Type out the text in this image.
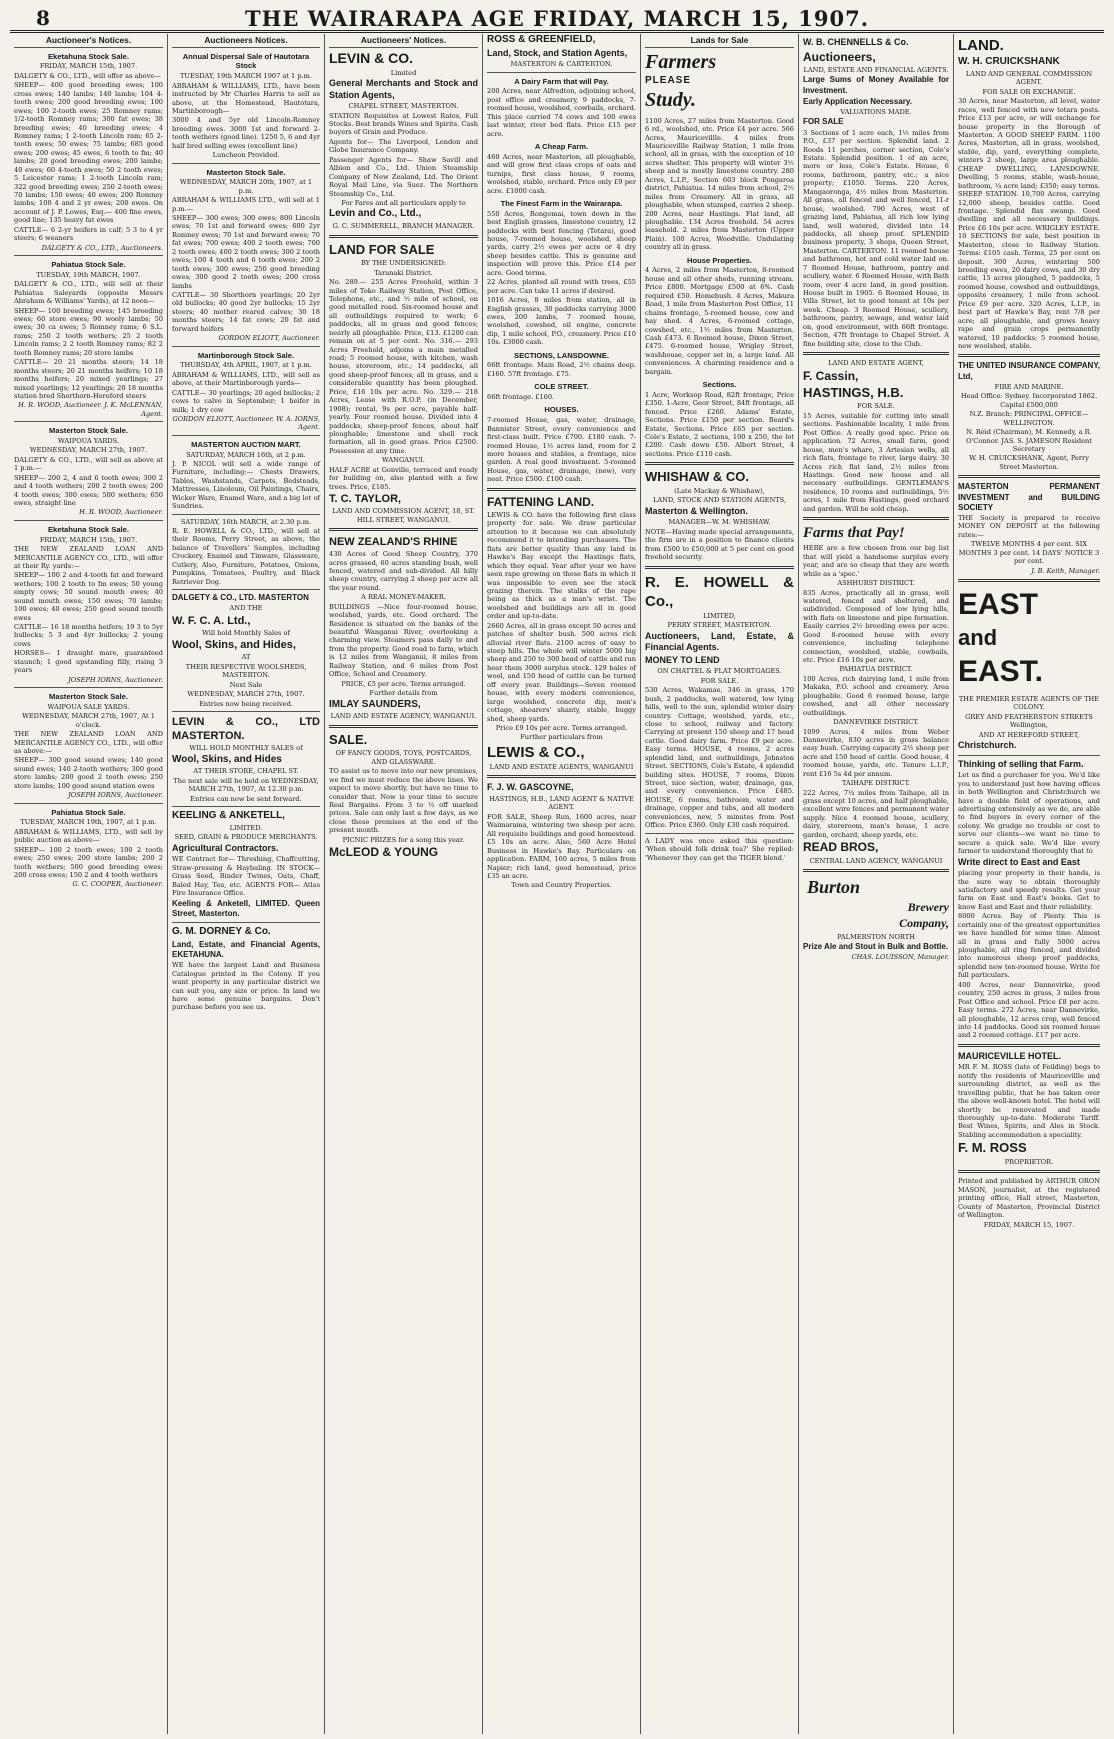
8	THE WAIRARAPA AGE FRIDAY, MARCH 15, 1907.
Auctioneer's Notices.
Eketahuna Stock Sale.

FRIDAY, MARCH 15th, 1907.

DALGETY & CO., LTD., will offer as above—

SHEEP— 400 good breeding ewes; 100 cross ewes; 140 lambs; 140 lambs; 104 4-tooth ewes; 200 good breeding ewes; 100 ewes; 100 2-tooth ewes; 25 Romney rams; 1/2-tooth Romney rams; 300 fat ewes; 38 breeding ewes; 40 breeding ewes; 4 Romney rams; 1 2-tooth Lincoln ram; 65 2-tooth ewes; 50 ewes; 75 lambs; 685 good ewes; 200 ewes; 45 ewes, 6 tooth to fm; 40 lambs; 20 good breeding ewes; 200 lambs; 40 ewes; 60 4-tooth ewes; 50 2 tooth ewes; 5 Leicester rams; 1 2-tooth Lincoln ram; 322 good breeding ewes; 250 2-tooth ewes; 70 lambs; 150 ewes; 40 ewes; 200 Romney lambs; 100 4 and 2 yr ewes; 200 ewes. On account of J. P. Lowes, Esq.— 400 fine ewes, good line; 135 heavy fat ewes

CATTLE— 6 2-yr heifers in calf; 5 3 to 4 yr steers; 6 weaners

DALGETY & CO., LTD., Auctioneers.

Pahiatua Stock Sale.

TUESDAY, 19th MARCH, 1907.

DALGETY & CO., LTD., will sell at their Pahiatua Saleyards (opposite Messrs Abraham & Williams' Yards), at 12 noon—

SHEEP— 100 breeding ewes; 145 breeding ewes; 60 store ewes; 90 wooly lambs; 50 ewes; 30 ca ewes; 5 Romney rams; 6 S.L. rams; 250 2 tooth wethers; 25 2 tooth Lincoln rams; 2 2 tooth Romney rams; 82 2 tooth Romney rams; 20 store lambs

CATTLE— 20 21 months steers; 14 18 months steers; 20 21 months heifers; 10 18 months heifers; 20 mixed yearlings; 27 mixed yearlings; 12 yearlings; 20 18 months station bred Shorthorn-Hereford steers

H. R. WOOD, Auctioneer. J. K. McLENNAN, Agent.

Masterton Stock Sale.

WAIPOUA YARDS.

WEDNESDAY, MARCH 27th, 1907.

DALGETY & CO., LTD., will sell as above at 1 p.m.—

SHEEP— 200 2, 4 and 6 tooth ewes; 300 2 and 4 tooth wethers; 200 2 tooth ewes; 200 4 tooth ewes; 300 ewes; 500 wethers; 650 ewes, straight line

H. R. WOOD, Auctioneer.

Eketahuna Stock Sale.

FRIDAY, MARCH 15th, 1907.

THE NEW ZEALAND LOAN AND MERCANTILE AGENCY CO., LTD., will offer at their Ry. yards:—

SHEEP— 100 2 and 4-tooth fat and forward wethers; 100 2 tooth to fm ewes; 50 young empty cows; 50 sound mouth ewes; 40 sound mouth ewes; 150 ewes; 70 lambs; 100 ewes; 40 ewes; 250 good sound mouth ewes

CATTLE— 16 18 months heifers; 19 3 to 5yr bullocks; 5 3 and 4yr bullocks; 2 young cows

HORSES— 1 draught mare, guaranteed staunch; 1 good upstanding filly, rising 3 years

JOSEPH IORNS, Auctioneer.

Masterton Stock Sale.

WAIPOUA SALE YARDS.

WEDNESDAY, MARCH 27th, 1907, At 1 o'clock.

THE NEW ZEALAND LOAN AND MERCANTILE AGENCY CO., LTD., will offer as above:—

SHEEP— 300 good sound ewes; 140 good sound ewes; 140 2-tooth wethers; 300 good store lambs; 200 good 2 tooth ewes; 250 store lambs; 100 good sound station ewes

JOSEPH IORNS, Auctioneer.

Pahiatua Stock Sale.

TUESDAY, MARCH 19th, 1907, at 1 p.m.

ABRAHAM & WILLIAMS, LTD., will sell by public auction as above—

SHEEP— 100 2 tooth ewes; 100 2 tooth ewes; 250 ewes; 200 store lambs; 200 2 tooth wethers; 500 good breeding ewes; 200 cross ewes; 150 2 and 4 tooth wethers

G. C. COOPER, Auctioneer.

Auctioneers Notices.
Annual Dispersal Sale of Hautotara Stock

TUESDAY, 19th MARCH 1907 at 1 p.m.

ABRAHAM & WILLIAMS, LTD., have been instructed by Mr Charles Harris to sell as above, at the Homestead, Hautotara, Martinborough—

3000 4 and 5yr old Lincoln-Romney breeding ewes. 3000 1st and forward 2-tooth wethers (good line). 1250 5, 6 and 4yr half bred selling ewes (excellent line)

Luncheon Provided.

Masterton Stock Sale.

WEDNESDAY, MARCH 20th, 1907, at 1 p.m.

ABRAHAM & WILLIAMS LTD., will sell at 1 p.m.—

SHEEP— 300 ewes; 300 ewes; 800 Lincoln ewes; 70 1st and forward ewes; 600 2yr Romney ewes; 70 1st and forward ewes; 70 fat ewes; 700 ewes; 400 2 tooth ewes; 700 2 tooth ewes; 400 2 tooth ewes; 300 2 tooth ewes; 100 4 tooth and 6 tooth ewes; 200 2 tooth ewes; 300 ewes; 250 good breeding ewes; 300 good 2 tooth ewes; 200 cross lambs

CATTLE— 30 Shorthorn yearlings; 20 2yr old bullocks; 40 good 2yr bullocks; 15 2yr steers; 40 mother reared calves; 30 18 months steers; 14 fat cows; 20 fat and forward heifers

GORDON ELIOTT, Auctioneer.

Martinborough Stock Sale.

THURSDAY, 4th APRIL, 1907, at 1 p.m.

ABRAHAM & WILLIAMS, LTD., will sell as above, at their Martinborough yards—

CATTLE— 30 yearlings; 20 aged bullocks; 2 cows to calve in September; 1 heifer in milk; 1 dry cow

GORDON ELIOTT, Auctioneer. W. A. IORNS, Agent.

MASTERTON AUCTION MART.

SATURDAY, MARCH 16th, at 2 p.m.

J. P. NICOL will sell a wide range of Furniture, including:— Chests Drawers, Tables, Washstands, Carpets, Bedsteads, Mattresses, Linoleum, Oil Paintings, Chairs, Wicker Ware, Enamel Ware, and a big lot of Sundries.

SATURDAY, 16th MARCH, at 2.30 p.m.

R. E. HOWELL & CO., LTD., will sell at their Rooms, Perry Street, as above, the balance of Travellers' Samples, including Crockery, Enamel and Tinware, Glassware, Cutlery, Also, Furniture, Potatoes, Onions, Pumpkins, Tomatoes, Poultry, and Black Retriever Dog.

DALGETY & CO., LTD. MASTERTON

AND THE

W. F. C. A. Ltd.,

Will hold Monthly Sales of

Wool, Skins, and Hides,

AT

THEIR RESPECTIVE WOOLSHEDS, MASTERTON.

Next Sale

WEDNESDAY, MARCH 27th, 1907.

Entries now being received.

LEVIN & CO., LTD MASTERTON.

WILL HOLD MONTHLY SALES of

Wool, Skins, and Hides

AT THEIR STORE, CHAPEL ST.

The next sale will be held on WEDNESDAY, MARCH 27th, 1907, At 12.30 p.m.

Entries can now be sent forward.

KEELING & ANKETELL,

LIMITED.

SEED, GRAIN & PRODUCE MERCHANTS.

Agricultural Contractors.

WE Contract for— Threshing, Chaffcutting, Straw-pressing & Haybaling. IN STOCK— Grass Seed, Binder Twines, Oats, Chaff, Baled Hay, Tea, etc. AGENTS FOR— Atlas Fire Insurance Office.

Keeling & Anketell, LIMITED. Queen Street, Masterton.

G. M. DORNEY & Co.

Land, Estate, and Financial Agents, EKETAHUNA.

WE have the largest Land and Business Catalogue printed in the Colony. If you want property in any particular district we can suit you, any size or price. In land we have some genuine bargains. Don't purchase before you see us.

Auctioneers' Notices.

LEVIN & CO.

Limited

General Merchants and Stock and Station Agents,

CHAPEL STREET, MASTERTON.

STATION Requisites at Lowest Rates, Full Stocks. Best brands Wines and Spirits. Cash buyers of Grain and Produce.

Agents for— The Liverpool, London and Globe Insurance Company.

Passenger Agents for— Shaw Savill and Albion and Co., Ltd. Union Steamship Company of New Zealand, Ltd. The Orient Royal Mail Line, via Suez. The Northern Steamship Co., Ltd.

For Fares and all particulars apply to

Levin and Co., Ltd.,

G. C. SUMMERELL, BRANCH MANAGER.

LAND FOR SALE

BY THE UNDERSIGNED:

Taranaki District.

No. 289.— 255 Acres Freehold, within 3 miles of Toko Railway Station, Post Office, Telephone, etc., and ½ mile of school, on good metalled road. Six-roomed house and all outbuildings required to work; 6 paddocks, all in grass and good fences; nearly all ploughable. Price, £13. £1200 can remain on at 5 per cent. No. 316.— 293 Acres Freehold, adjoins a main metalled road; 5 roomed house, with kitchen, wash house, storeroom, etc.; 14 paddocks, all good sheep-proof fences; all in grass, and a considerable quantity has been ploughed. Price, £16 10s per acre. No. 329.— 218 Acres, Lease with R.O.P. (in December, 1908); rental, 9s per acre, payable half-yearly. Four roomed house. Divided into 4 paddocks, sheep-proof fences, about half ploughable; limestone and shell rock formation, all in good grass. Price £2500. Possession at any time.

WANGANUI.

HALF ACRE at Gonville, terraced and ready for building on, also planted with a few trees. Price, £185.

T. C. TAYLOR,

LAND AND COMMISSION AGENT, 18, ST. HILL STREET, WANGANUI.

NEW ZEALAND'S RHINE

430 Acres of Good Sheep Country, 370 acres grassed, 60 acres standing bush, well fenced, watered and sub-divided. All hilly sheep country, carrying 2 sheep per acre all the year round.

A REAL MONEY-MAKER.

BUILDINGS —Nice four-roomed house, woolshed, yards, etc. Good orchard. The Residence is situated on the banks of the beautiful Wanganui River, overlooking a charming view. Steamers pass daily to and from the property. Good road to farm, which is 12 miles from Wanganui, 8 miles from Railway Station, and 6 miles from Post Office, School and Creamery.

PRICE, £5 per acre. Terms arranged.

Further details from

IMLAY SAUNDERS,

LAND AND ESTATE AGENCY, WANGANUI.

SALE.

OF FANCY GOODS, TOYS, POSTCARDS, AND GLASSWARE.

TO assist us to move into our new premises, we find we must reduce the above lines. We expect to move shortly, but have no time to consider that. Now is your time to secure Real Bargains. From 3 to ½ off marked prices. Sale can only last a few days, as we close these premises at the end of the present month.

PICNIC PRIZES for a song this year.

McLEOD & YOUNG

ROSS & GREENFIELD,

Land, Stock, and Station Agents,

MASTERTON & CARTERTON.

A Dairy Farm that will Pay.

200 Acres, near Alfredton, adjoining school, post office and creamery, 9 paddocks, 7-roomed house, woolshed, cowbails, orchard. This place carried 74 cows and 100 ewes last winter, river bed flats. Price £15 per acre.

A Cheap Farm.

460 Acres, near Masterton, all ploughable, and will grow first class crops of oats and turnips, first class house, 9 rooms, woolshed, stable, orchard. Price only £9 per acre. £1000 cash.

The Finest Farm in the Wairarapa.

550 Acres, Rongomai, town down in the best English grasses, limestone country, 12 paddocks with best fencing (Totara), good house, 7-roomed house, woolshed, sheep yards, carry 2½ ewes per acre or 4 dry sheep besides cattle. This is genuine and inspection will prove this. Price £14 per acre. Good terms.

22 Acres, planted all round with trees, £55 per acre. Can take 11 acres if desired.

1016 Acres, 8 miles from station, all in English grasses, 30 paddocks carrying 3000 ewes, 200 lambs, 7 roomed house, woolshed, cowshed, oil engine, concrete dip, 1 mile school, P.O., creamery. Price £10 10s. £3000 cash.

SECTIONS, LANSDOWNE.

66ft frontage. Main Road, 2½ chains deep. £160. 57ft frontage. £75.

COLE STREET.

66ft frontage. £160.

HOUSES.

7-roomed House, gas, water, drainage, Bannister Street, every convenience and first-class built. Price £700. £180 cash. 7-roomed House, 1½ acres land, room for 2 more houses and stables, a frontage, nice garden. A real good investment. 5-roomed House, gas, water, drainage, (new), very neat. Price £500. £100 cash.

FATTENING LAND.

LEWIS & CO. have the following first class property for sale. We draw particular attention to it because we can absolutely recommend it to intending purchasers. The flats are better quality than any land in Hawke's Bay except the Hastings flats, which they equal. Year after year we have seen rape growing on these flats in which it was impossible to even see the stock grazing therein. The stalks of the rape being as thick as a man's wrist. The woolshed and buildings are all in good order and up-to-date.

2660 Acres, all in grass except 50 acres and patches of shelter bush. 500 acres rich alluvial river flats. 2100 acres of easy to steep hills. The whole will winter 5000 big sheep and 250 to 300 head of cattle and run hear them 3000 surplus stock. 129 bales of wool, and 150 head of cattle can be turned off every year. Buildings—Seven roomed house, with every modern convenience, large woolshed, concrete dip, men's cottage, shearers' shanty, stable, buggy shed, sheep yards.

Price £9 10s per acre. Terms arranged.

Further particulars from

LEWIS & CO.,

LAND AND ESTATE AGENTS, WANGANUI

F. J. W. GASCOYNE,

HASTINGS, H.B., LAND AGENT & NATIVE AGENT.

FOR SALE, Sheep Run, 1600 acres, near Waimarama, wintering two sheep per acre. All requisite buildings and good homestead. £5 10s an acre. Also, 560 Acre Hotel Business in Hawke's Bay. Particulars on application. FARM, 160 acres, 5 miles from Napier; rich land, good homestead, price £35 an acre.

Town and Country Properties.

Lands for Sale

Farmers

PLEASE

Study.

1100 Acres, 27 miles from Masterton. Good 6 rd., woolshed, etc. Price £4 per acre. 566 Acres, Mauricevillle. 4 miles from Mauricevillle Railway Station, 1 mile from school, all in grass, with the exception of 10 acres shelter. This property will winter 3½ sheep and is mostly limestone country. 280 Acres, L.I.P., Section 603 block Pongaroa district, Pahiatua. 14 miles from school, 2½ miles from Creamery. All in grass, all ploughable, when stumped, carries 2 sheep. 200 Acres, near Hastings. Flat land, all ploughable. 134 Acres freehold. 54 acres leasehold. 2 miles from Masterton (Upper Plain). 100 Acres, Woodville. Undulating country all in grass.

House Properties.

4 Acres, 2 miles from Masterton, 8-roomed house and all other sheds, running stream. Price £800. Mortgage £500 at 6%. Cash required £50. Homebush. 4 Acres, Makura Road, 1 mile from Masterton Post Office, 11 chains frontage, 5-roomed house, cow and hay shed. 4 Acres, 6-roomed cottage, cowshed, etc., 1½ miles from Masterton. Cash £473. 6 Roomed house, Dixon Street, £475. 6-roomed house, Wrigley Street, washhouse, copper set in, a large land. All conveniences. A charming residence and a bargain.

Sections.

1 Acre, Worksop Road, 82ft frontage, Price £350. 1-Acre, Geor Street, 84ft frontage, all fenced. Price £260. Adams' Estate, Sections. Price £150 per section. Beard's Estate, Sections. Price £65 per section. Cole's Estate, 2 sections, 100 x 250, the lot £200. Cash down £50. Albert Street, 4 sections. Price £110 cash.

WHISHAW & CO.

(Late Mackay & Whishaw),

LAND, STOCK AND STATION AGENTS,

Masterton & Wellington.

MANAGER—W. M. WHISHAW.

NOTE—Having made special arrangements, the firm are in a position to finance clients from £500 to £50,000 at 5 per cent on good freehold security.

R. E. HOWELL & Co.,

LIMITED,

PERRY STREET, MASTERTON.

Auctioneers, Land, Estate, & Financial Agents.

MONEY TO LEND

ON CHATTEL & FLAT MORTGAGES.

FOR SALE.

530 Acres, Wakamae, 346 in grass, 170 bush, 2 paddocks, well watered, low lying hills, well to the sun, splendid winter dairy country. Cottage, woolshed, yards, etc., close to school, railway and factory. Carrying at present 150 sheep and 17 head cattle. Good dairy farm. Price £9 per acre. Easy terms. HOUSE, 4 rooms, 2 acres splendid land, and outbuildings, Johnston Street. SECTIONS, Cole's Estate, 4 splendid building sites. HOUSE, 7 rooms, Dixon Street, nice section, water, drainage, gas, and every convenience. Price £485. HOUSE, 6 rooms, bathroom, water and drainage, copper and tubs, and all modern conveniences, new, 5 minutes from Post Office. Price £360. Only £30 cash required.

A LADY was once asked this question: 'When should folk drink tea?' She replied: 'Whenever they can get the TIGER blend.'

W. B. CHENNELLS & Co.

Auctioneers,

LAND, ESTATE AND FINANCIAL AGENTS.

Large Sums of Money Available for Investment.

Early Application Necessary.

VALUATIONS MADE.

FOR SALE

3 Sections of 1 acre each, 1½ miles from P.O., £37 per section. Splendid land. 2 Roods 11 perches, corner section, Cole's Estate. Splendid position. 1 of an acre, more or less, Cole's Estate. House, 6 rooms, bathroom, pantry, etc.; a nice property; £1050. Terms. 220 Acres, Mangaoronga, 4½ miles from Masterton. All grass, all fenced and well fenced, 11-r house, woolshed. 790 Acres, west of grazing land, Pahiatua, all rich low lying land, well watered, divided into 14 paddocks, all sheep proof. SPLENDID business property, 3 shops, Queen Street, Masterton. CARTERTON. 11 roomed house and bathroom, hot and cold water laid on. 7 Roomed House, bathroom, pantry and scullery, water. 6 Roomed House, with Bath room, over 4 acre land, in good position. House built in 1905. 6 Roomed House, in Villa Street, let to good tenant at 10s per week. Cheap. 3 Roomed House, scullery, bathroom, pantry, sewage, and water laid on, good environment, with 66ft frontage. Section, 47ft frontage to Chapel Street. A fine building site, close to the Club.

LAND AND ESTATE AGENT,

F. Cassin,

HASTINGS, H.B.

FOR SALE.

15 Acres, suitable for cutting into small sections. Fashionable locality, 1 mile from Post Office. A really good spec. Price on application. 72 Acres, small farm, good house, men's whare, 3 Artesian wells, all rich flats, frontage to river, large dairy. 30 Acres rich flat land, 2½ miles from Hastings. Good new house and all necessary outbuildings. GENTLEMAN'S residence, 10 rooms and outbuildings, 5½ acres, 1 mile from Hastings, good orchard and garden. Will be sold cheap.

Farms that Pay!

HERE are a few chosen from our big list that will yield a handsome surplus every year, and are so cheap that they are worth while as a 'spec.'

ASHHURST DISTRICT.

835 Acres, practically all in grass, well watered, fenced and sheltered, and subdivided. Composed of low lying hills, with flats on limestone and pipe formation. Easily carries 2½ breeding ewes per acre. Good 8-roomed house with every convenience, including telephone connection, woolshed, stable, cowbails, etc. Price £16 10s per acre.

PAHIATUA DISTRICT.

100 Acres, rich dairying land, 1 mile from Makaka, P.O. school and creamery. Area ploughable. Good 6 roomed house, large cowshed, and all other necessary outbuildings.

DANNEVIRKE DISTRICT.

1099 Acres, 4 miles from Weber Dannevirke, 830 acres in grass balance easy bush. Carrying capacity 2½ sheep per acre and 150 head of cattle. Good house, 4 roomed house, yards, etc. Tenure L.I.P., rent £16 5s 4d per annum.

TAIHAPE DISTRICT.

222 Acres, 7¼ miles from Taihape, all in grass except 10 acres, and half ploughable, excellent wire fences and permanent water supply. Nice 4 roomed house, scullery, dairy, storeroom, man's house, 1 acre garden, orchard, sheep yards, etc.

READ BROS,

CENTRAL LAND AGENCY, WANGANUI

Burton

Brewery

Company,

PALMERSTON NORTH

Prize Ale and Stout in Bulk and Bottle.

CHAS. LOUISSON, Manager.

LAND.

W. H. CRUICKSHANK

LAND AND GENERAL COMMISSION AGENT.

FOR SALE OR EXCHANGE.

30 Acres, near Masterton, all level, water races, well fenced with new totara posts. Price £13 per acre, or will exchange for house property in the Borough of Masterton. A GOOD SHEEP FARM. 1100 Acres, Masterton, all in grass, woolshed, stable, dip, yard, everything complete, winters 2 sheep, large area ploughable. CHEAP DWELLING, LANSDOWNE. Dwelling, 5 rooms, stable, wash-house, bathroom, ¼ acre land; £350; easy terms. SHEEP STATION. 10,700 Acres, carrying 12,000 sheep, besides cattle. Good frontage. Splendid flax swamp. Good dwelling and all necessary buildings. Price £6 10s per acre. WRIGLEY ESTATE. 10 SECTIONS for sale, best position in Masterton, close to Railway Station. Terms: £105 cash. Terms, 25 per cent on deposit. 300 Acres, wintering 500 breeding ewes, 20 dairy cows, and 30 dry cattle, 15 acres ploughed, 5 paddocks, 5 roomed house, cowshed and outbuildings, opposite creamery, 1 mile from school. Price £9 per acre. 320 Acres, L.I.P., in best part of Hawke's Bay, rent 7/8 per acre; all ploughable, and grows heavy rape and grain crops permanently watered, 10 paddocks; 5 roomed house, new woolshed, stable.

THE UNITED INSURANCE COMPANY, Ltd,

FIRE AND MARINE.

Head Office: Sydney. Incorporated 1862. Capital £500,000

N.Z. Branch: PRINCIPAL OFFICE—WELLINGTON.

N. Reid (Chairman), M. Kennedy, a R. O'Connor. JAS. S. JAMESON Resident Secretary

W. H. CRUICKSHANK, Agent, Perry Street Masterton.

MASTERTON PERMANENT INVESTMENT and BUILDING SOCIETY

THE Society is prepared to receive MONEY ON DEPOSIT at the following rates:—

TWELVE MONTHS 4 per cent. SIX MONTHS 3 per cent. 14 DAYS' NOTICE 3 per cent.

J. B. Keith, Manager.

EAST

and

EAST.

THE PREMIER ESTATE AGENTS OF THE COLONY.

GREY AND FEATHERSTON STREETS Wellington,

AND AT HEREFORD STREET,

Christchurch.

Thinking of selling that Farm.

Let us find a purchaser for you. We'd like you to understand just how having offices in both Wellington and Christchurch we have a double field of operations, and advertising extensively as we do, are able to find buyers in every corner of the colony. We grudge no trouble or cost to serve our clients—we want no time to secure a quick sale. We'd like every farmer to understand thoroughly that to

Write direct to East and East

placing your property in their hands, is the sure way to obtain thoroughly satisfactory and speedy results. Get your farm on East and East's books. Get to know East and East and their reliability.

8000 Acres. Bay of Plenty. This is certainly one of the greatest opportunities we have handled for some time. Almost all in grass and fully 5000 acres ploughable, all ring fenced, and divided into numerous sheep proof paddocks, splendid new ten-roomed house. Write for full particulars.

400 Acres, near Dannevirke, good country, 250 acres in grass, 3 miles from Post Office and school. Price £8 per acre. Easy terms. 272 Acres, near Dannevirke, all ploughable, 12 acres crop, well fenced into 14 paddocks. Good six roomed house and 2 roomed cottage. £17 per acre.

MAURICEVILLE HOTEL.

MR F. M. ROSS (late of Feilding) begs to notify the residents of Mauricevillle and surrounding district, as well as the travelling public, that he has taken over the above well-known hotel. The hotel will shortly be renovated and made thoroughly up-to-date. Moderate Tariff. Best Wines, Spirits, and Ales in Stock. Stabling accommodation a speciality.

F. M. ROSS

PROPRIETOR.

Printed and published by ARTHUR ORON MASON, journalist, at the registered printing office, Hall street, Masterton, County of Masterton, Provincial District of Wellington.

FRIDAY, MARCH 15, 1907.
